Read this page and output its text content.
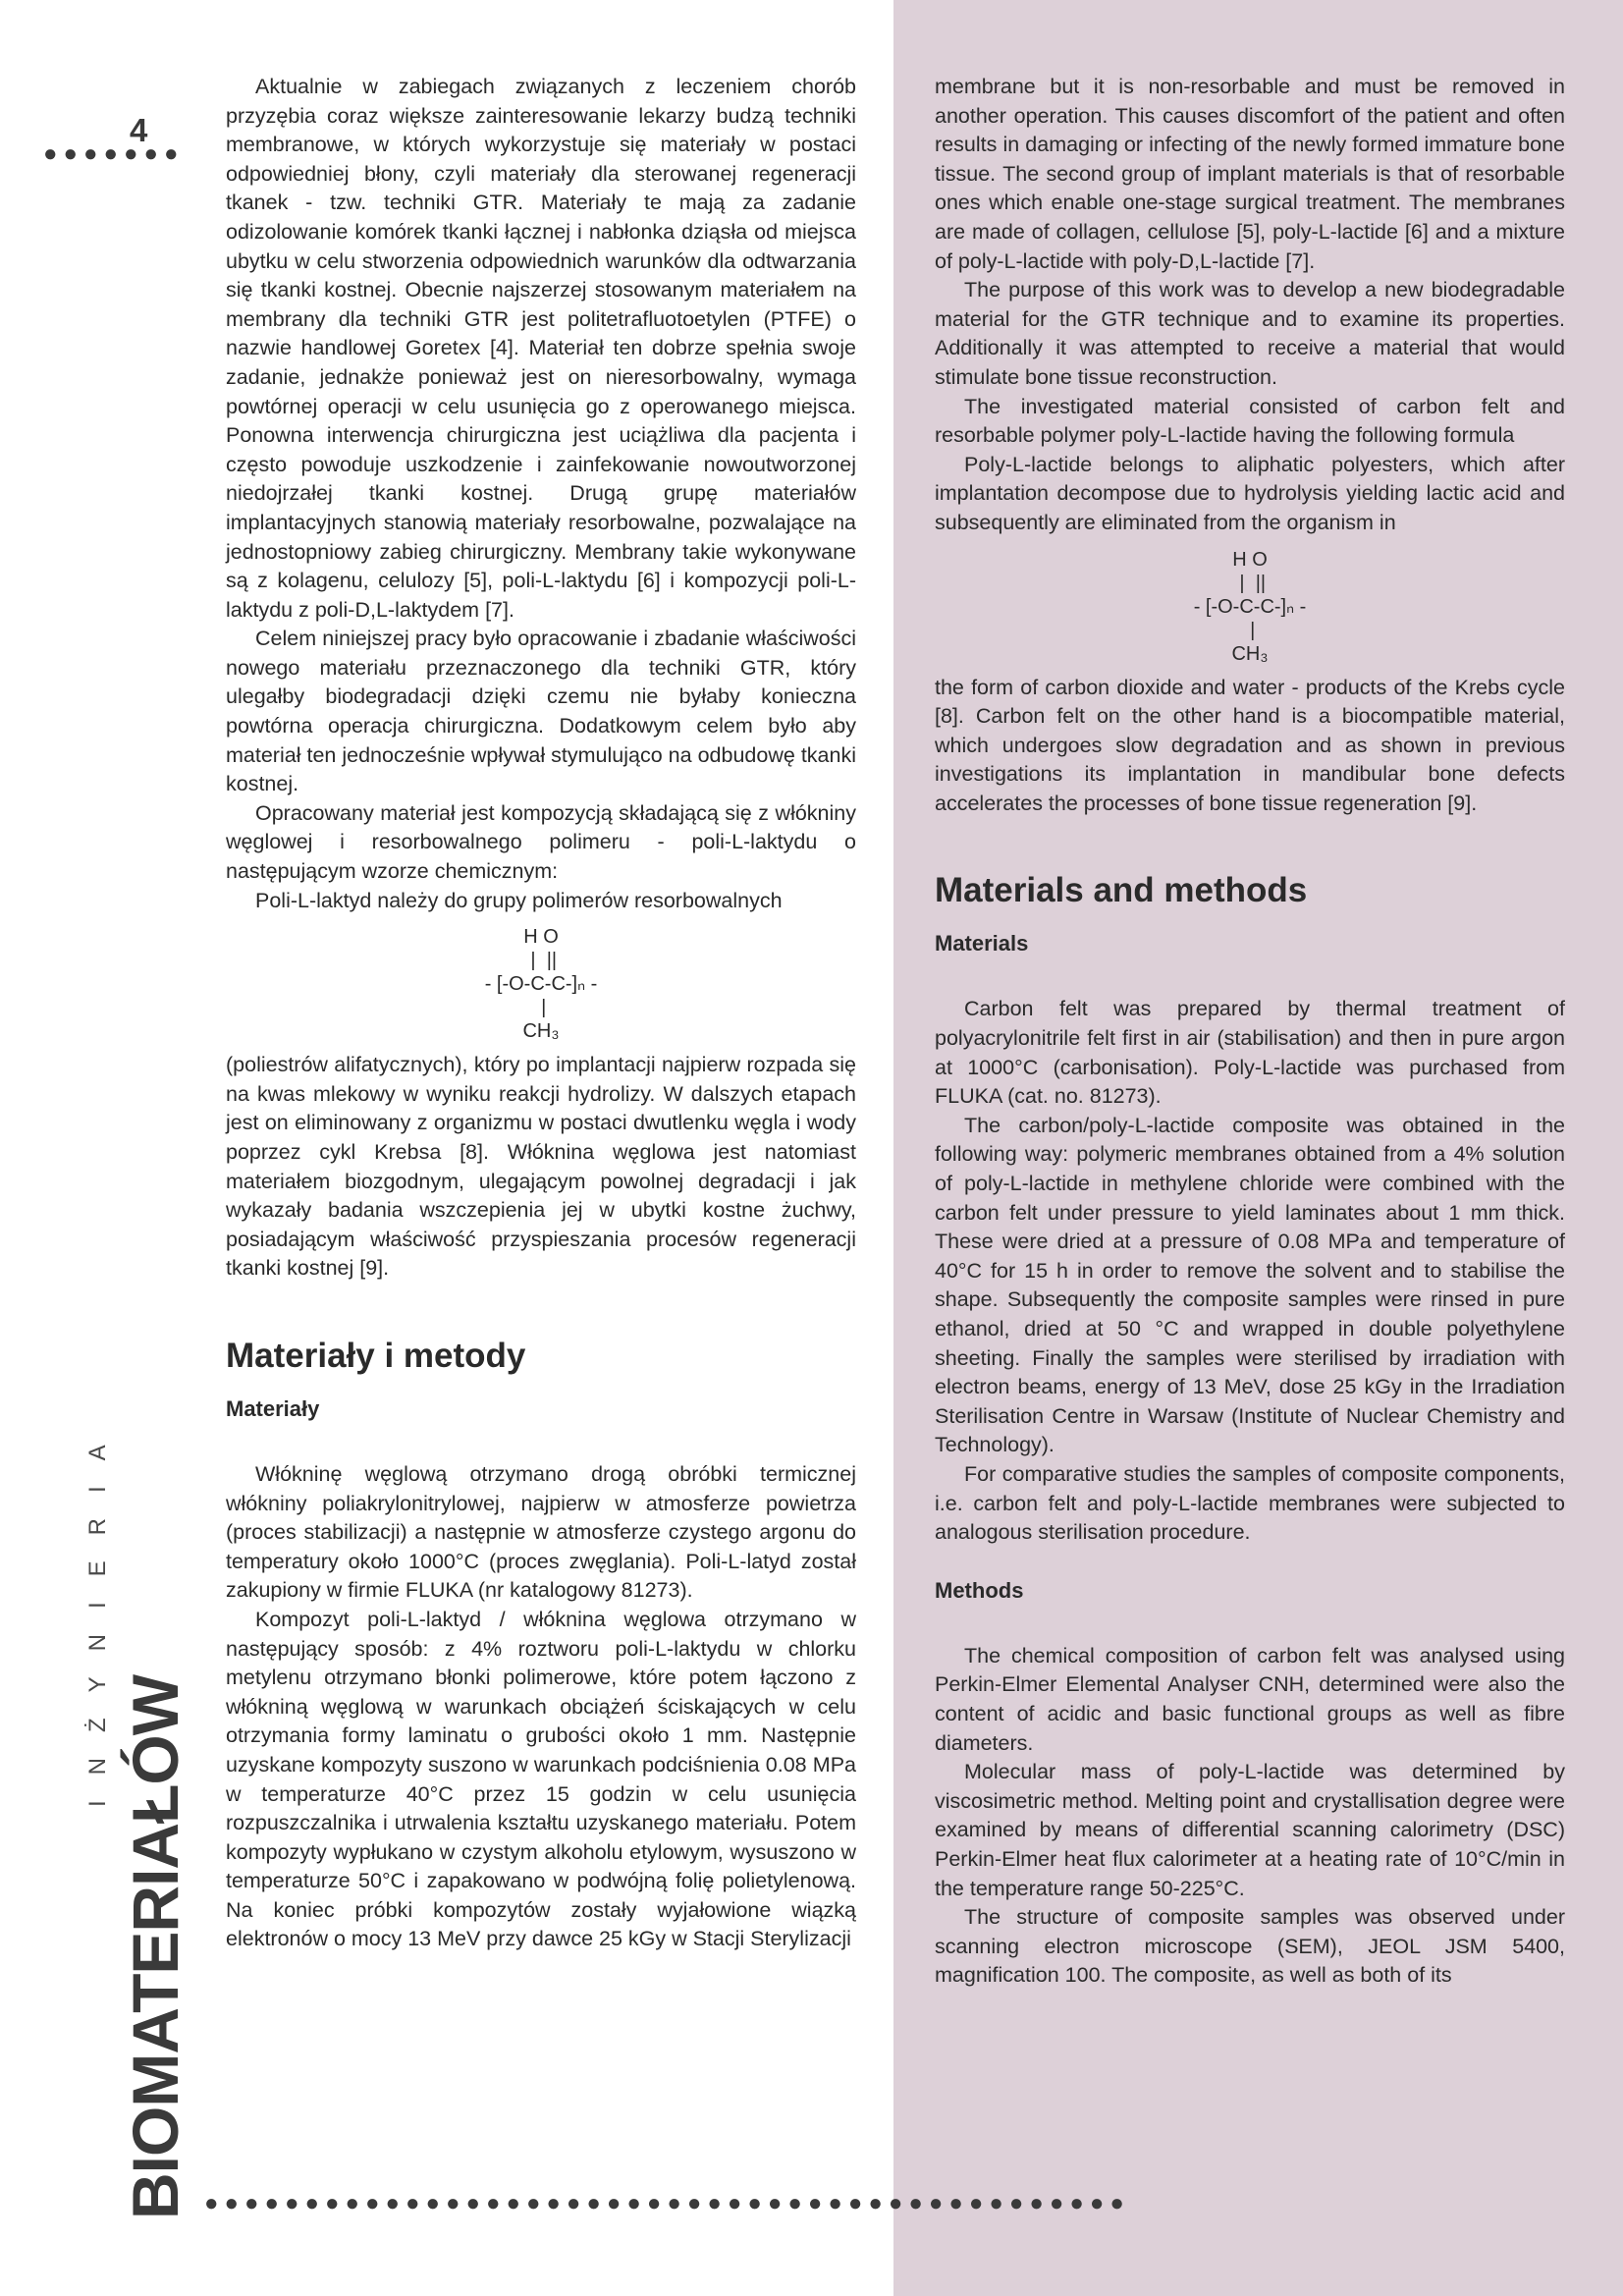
4
●●●●●●●
●●●●●●●●●●●●●●●●●●●●●●●●●●●●●●●●●●●●●●●●●●●●●●
BIOMATERIAŁÓW
INŻYNIERIA

Aktualnie w zabiegach związanych z leczeniem chorób przyzębia coraz większe zainteresowanie lekarzy budzą techniki membranowe, w których wykorzystuje się materiały w postaci odpowiedniej błony, czyli materiały dla sterowanej regeneracji tkanek - tzw. techniki GTR. Materiały te mają za zadanie odizolowanie komórek tkanki łącznej i nabłonka dziąsła od miejsca ubytku w celu stworzenia odpowiednich warunków dla odtwarzania się tkanki kostnej. Obecnie najszerzej stosowanym materiałem na membrany dla techniki GTR jest politetrafluotoetylen (PTFE) o nazwie handlowej Goretex [4]. Materiał ten dobrze spełnia swoje zadanie, jednakże ponieważ jest on nieresorbowalny, wymaga powtórnej operacji w celu usunięcia go z operowanego miejsca. Ponowna interwencja chirurgiczna jest uciążliwa dla pacjenta i często powoduje uszkodzenie i zainfekowanie nowoutworzonej niedojrzałej tkanki kostnej. Drugą grupę materiałów implantacyjnych stanowią materiały resorbowalne, pozwalające na jednostopniowy zabieg chirurgiczny. Membrany takie wykonywane są z kolagenu, celulozy [5], poli-L-laktydu [6] i kompozycji poli-L-laktydu z poli-D,L-laktydem [7].

Celem niniejszej pracy było opracowanie i zbadanie właściwości nowego materiału przeznaczonego dla techniki GTR, który ulegałby biodegradacji dzięki czemu nie byłaby konieczna powtórna operacja chirurgiczna. Dodatkowym celem było aby materiał ten jednocześnie wpływał stymulująco na odbudowę tkanki kostnej.

Opracowany materiał jest kompozycją składającą się z włókniny węglowej i resorbowalnego polimeru - poli-L-laktydu o następującym wzorze chemicznym:

Poli-L-laktyd należy do grupy polimerów resorbowalnych

H O
|  ||
- [-O-C-C-]ₙ -
|
CH₃

(poliestrów alifatycznych), który po implantacji najpierw rozpada się na kwas mlekowy w wyniku reakcji hydrolizy. W dalszych etapach jest on eliminowany z organizmu w postaci dwutlenku węgla i wody poprzez cykl Krebsa [8]. Włóknina węglowa jest natomiast materiałem biozgodnym, ulegającym powolnej degradacji i jak wykazały badania wszczepienia jej w ubytki kostne żuchwy, posiadającym właściwość przyspieszania procesów regeneracji tkanki kostnej [9].

Materiały i metody
Materiały

Włókninę węglową otrzymano drogą obróbki termicznej włókniny poliakrylonitrylowej, najpierw w atmosferze powietrza (proces stabilizacji) a następnie w atmosferze czystego argonu do temperatury około 1000°C (proces zwęglania). Poli-L-latyd został zakupiony w firmie FLUKA (nr katalogowy 81273).

Kompozyt poli-L-laktyd / włóknina węglowa otrzymano w następujący sposób: z 4% roztworu poli-L-laktydu w chlorku metylenu otrzymano błonki polimerowe, które potem łączono z włókniną węglową w warunkach obciążeń ściskających w celu otrzymania formy laminatu o grubości około 1 mm. Następnie uzyskane kompozyty suszono w warunkach podciśnienia 0.08 MPa w temperaturze 40°C przez 15 godzin w celu usunięcia rozpuszczalnika i utrwalenia kształtu uzyskanego materiału. Potem kompozyty wypłukano w czystym alkoholu etylowym, wysuszono w temperaturze 50°C i zapakowano w podwójną folię polietylenową. Na koniec próbki kompozytów zostały wyjałowione wiązką elektronów o mocy 13 MeV przy dawce 25 kGy w Stacji Sterylizacji

membrane but it is non-resorbable and must be removed in another operation. This causes discomfort of the patient and often results in damaging or infecting of the newly formed immature bone tissue. The second group of implant materials is that of resorbable ones which enable one-stage surgical treatment. The membranes are made of collagen, cellulose [5], poly-L-lactide [6] and a mixture of poly-L-lactide with poly-D,L-lactide [7].

The purpose of this work was to develop a new biodegradable material for the GTR technique and to examine its properties. Additionally it was attempted to receive a material that would stimulate bone tissue reconstruction.

The investigated material consisted of carbon felt and resorbable polymer poly-L-lactide having the following formula

Poly-L-lactide belongs to aliphatic polyesters, which after implantation decompose due to hydrolysis yielding lactic acid and subsequently are eliminated from the organism in

H O
|  ||
- [-O-C-C-]ₙ -
|
CH₃

the form of carbon dioxide and water - products of the Krebs cycle [8]. Carbon felt on the other hand is a biocompatible material, which undergoes slow degradation and as shown in previous investigations its implantation in mandibular bone defects accelerates the processes of bone tissue regeneration [9].

Materials and methods
Materials

Carbon felt was prepared by thermal treatment of polyacrylonitrile felt first in air (stabilisation) and then in pure argon at 1000°C (carbonisation). Poly-L-lactide was purchased from FLUKA (cat. no. 81273).

The carbon/poly-L-lactide composite was obtained in the following way: polymeric membranes obtained from a 4% solution of poly-L-lactide in methylene chloride were combined with the carbon felt under pressure to yield laminates about 1 mm thick. These were dried at a pressure of 0.08 MPa and temperature of 40°C for 15 h in order to remove the solvent and to stabilise the shape. Subsequently the composite samples were rinsed in pure ethanol, dried at 50 °C and wrapped in double polyethylene sheeting. Finally the samples were sterilised by irradiation with electron beams, energy of 13 MeV, dose 25 kGy in the Irradiation Sterilisation Centre in Warsaw (Institute of Nuclear Chemistry and Technology).

For comparative studies the samples of composite components, i.e. carbon felt and poly-L-lactide membranes were subjected to analogous sterilisation procedure.

Methods

The chemical composition of carbon felt was analysed using Perkin-Elmer Elemental Analyser CNH, determined were also the content of acidic and basic functional groups as well as fibre diameters.

Molecular mass of poly-L-lactide was determined by viscosimetric method. Melting point and crystallisation degree were examined by means of differential scanning calorimetry (DSC) Perkin-Elmer heat flux calorimeter at a heating rate of 10°C/min in the temperature range 50-225°C.

The structure of composite samples was observed under scanning electron microscope (SEM), JEOL JSM 5400, magnification 100. The composite, as well as both of its
